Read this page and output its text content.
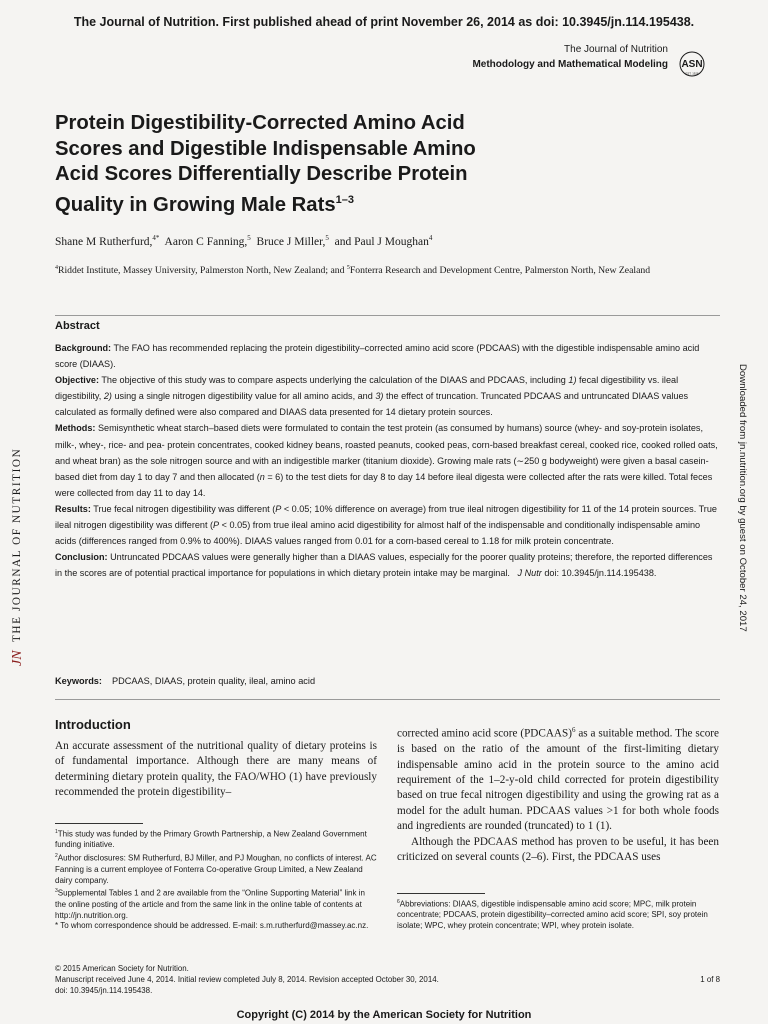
The Journal of Nutrition. First published ahead of print November 26, 2014 as doi: 10.3945/jn.114.195438.
The Journal of Nutrition
Methodology and Mathematical Modeling ASN
EST. 1928
Protein Digestibility-Corrected Amino Acid
Scores and Digestible Indispensable Amino
Acid Scores Differentially Describe Protein
Quality in Growing Male Rats$^{1-3}$
Shane M Rutherfurd,$^{4*}$ Aaron C Fanning,$^5$ Bruce J Miller,$^5$ and Paul J Moughan$^4$
$^4$Riddet Institute, Massey University, Palmerston North, New Zealand; and $^5$Fonterra Research and Development Centre, Palmerston North, New Zealand
Abstract

Background: The FAO has recommended replacing the protein digestibility–corrected amino acid score (PDCAAS) with the digestible indispensable amino acid score (DIAAS).

Objective: The objective of this study was to compare aspects underlying the calculation of the DIAAS and PDCAAS, including 1) fecal digestibility vs. ileal digestibility, 2) using a single nitrogen digestibility value for all amino acids, and 3) the effect of truncation. Truncated PDCAAS and untruncated DIAAS values calculated as formally defined were also compared and DIAAS data presented for 14 dietary protein sources.

Methods: Semisynthetic wheat starch–based diets were formulated to contain the test protein (as consumed by humans) source (whey- and soy-protein isolates, milk-, whey-, rice- and pea- protein concentrates, cooked kidney beans, roasted peanuts, cooked peas, corn-based breakfast cereal, cooked rice, cooked rolled oats, and wheat bran) as the sole nitrogen source and with an indigestible marker (titanium dioxide). Growing male rats (∼250 g bodyweight) were given a basal casein-based diet from day 1 to day 7 and then allocated (n = 6) to the test diets for day 8 to day 14 before ileal digesta were collected after the rats were killed. Total feces were collected from day 11 to day 14.

Results: True fecal nitrogen digestibility was different (P < 0.05; 10% difference on average) from true ileal nitrogen digestibility for 11 of the 14 protein sources. True ileal nitrogen digestibility was different (P < 0.05) from true ileal amino acid digestibility for almost half of the indispensable and conditionally indispensable amino acids (differences ranged from 0.9% to 400%). DIAAS values ranged from 0.01 for a corn-based cereal to 1.18 for milk protein concentrate.

Conclusion: Untruncated PDCAAS values were generally higher than a DIAAS values, especially for the poorer quality proteins; therefore, the reported differences in the scores are of potential practical importance for populations in which dietary protein intake may be marginal. J Nutr doi: 10.3945/jn.114.195438.

Keywords: PDCAAS, DIAAS, protein quality, ileal, amino acid
Introduction

An accurate assessment of the nutritional quality of dietary proteins is of fundamental importance. Although there are many means of determining dietary protein quality, the FAO/WHO (1) have previously recommended the protein digestibility–

corrected amino acid score (PDCAAS)$^6$ as a suitable method. The score is based on the ratio of the amount of the first-limiting dietary indispensable amino acid in the protein source to the amino acid requirement of the 1–2-y-old child corrected for protein digestibility based on true fecal nitrogen digestibility and using the growing rat as a model for the adult human. PDCAAS values >1 for both whole foods and ingredients are rounded (truncated) to 1 (1).

Although the PDCAAS method has proven to be useful, it has been criticized on several counts (2–6). First, the PDCAAS uses

$^1$This study was funded by the Primary Growth Partnership, a New Zealand Government funding initiative.

$^2$Author disclosures: SM Rutherfurd, BJ Miller, and PJ Moughan, no conflicts of interest. AC Fanning is a current employee of Fonterra Co-operative Group Limited, a New Zealand dairy company.

$^3$Supplemental Tables 1 and 2 are available from the “Online Supporting Material” link in the online posting of the article and from the same link in the online table of contents at http://jn.nutrition.org.

* To whom correspondence should be addressed. E-mail: s.m.rutherfurd@massey.ac.nz.

$^6$Abbreviations: DIAAS, digestible indispensable amino acid score; MPC, milk protein concentrate; PDCAAS, protein digestibility–corrected amino acid score; SPI, soy protein isolate; WPC, whey protein concentrate; WPI, whey protein isolate.

© 2015 American Society for Nutrition.

Manuscript received June 4, 2014. Initial review completed July 8, 2014. Revision accepted October 30, 2014.

doi: 10.3945/jn.114.195438.

1 of 8
Copyright (C) 2014 by the American Society for Nutrition
JN
THE JOURNAL OF NUTRITION	Downloaded from jn.nutrition.org by guest on October 24, 2017
